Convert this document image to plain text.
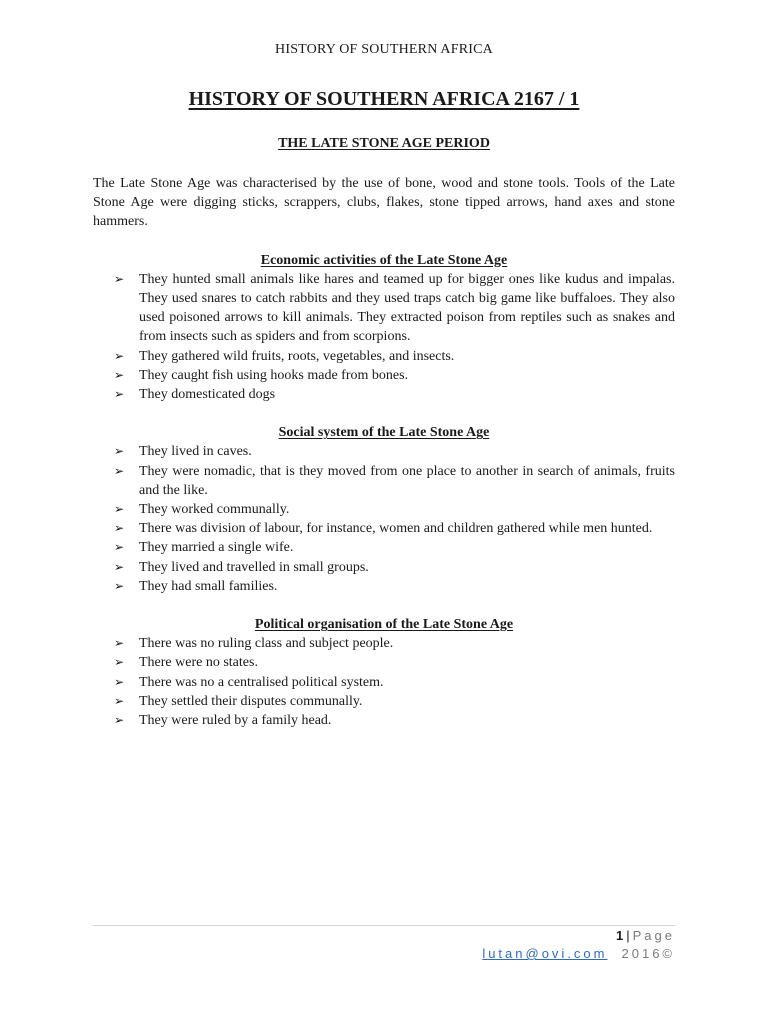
HISTORY OF SOUTHERN AFRICA
HISTORY OF SOUTHERN AFRICA 2167 / 1
THE LATE STONE AGE PERIOD

The Late Stone Age was characterised by the use of bone, wood and stone tools. Tools of the Late Stone Age were digging sticks, scrappers, clubs, flakes, stone tipped arrows, hand axes and stone hammers.

Economic activities of the Late Stone Age

➢ They hunted small animals like hares and teamed up for bigger ones like kudus and impalas. They used snares to catch rabbits and they used traps catch big game like buffaloes. They also used poisoned arrows to kill animals. They extracted poison from reptiles such as snakes and from insects such as spiders and from scorpions.
➢ They gathered wild fruits, roots, vegetables, and insects.
➢ They caught fish using hooks made from bones.
➢ They domesticated dogs

Social system of the Late Stone Age

➢ They lived in caves.
➢ They were nomadic, that is they moved from one place to another in search of animals, fruits and the like.
➢ They worked communally.
➢ There was division of labour, for instance, women and children gathered while men hunted.
➢ They married a single wife.
➢ They lived and travelled in small groups.
➢ They had small families.

Political organisation of the Late Stone Age

➢ There was no ruling class and subject people.
➢ There were no states.
➢ There was no a centralised political system.
➢ They settled their disputes communally.
➢ They were ruled by a family head.
1 | Page
lutan@ovi.com 2016©
